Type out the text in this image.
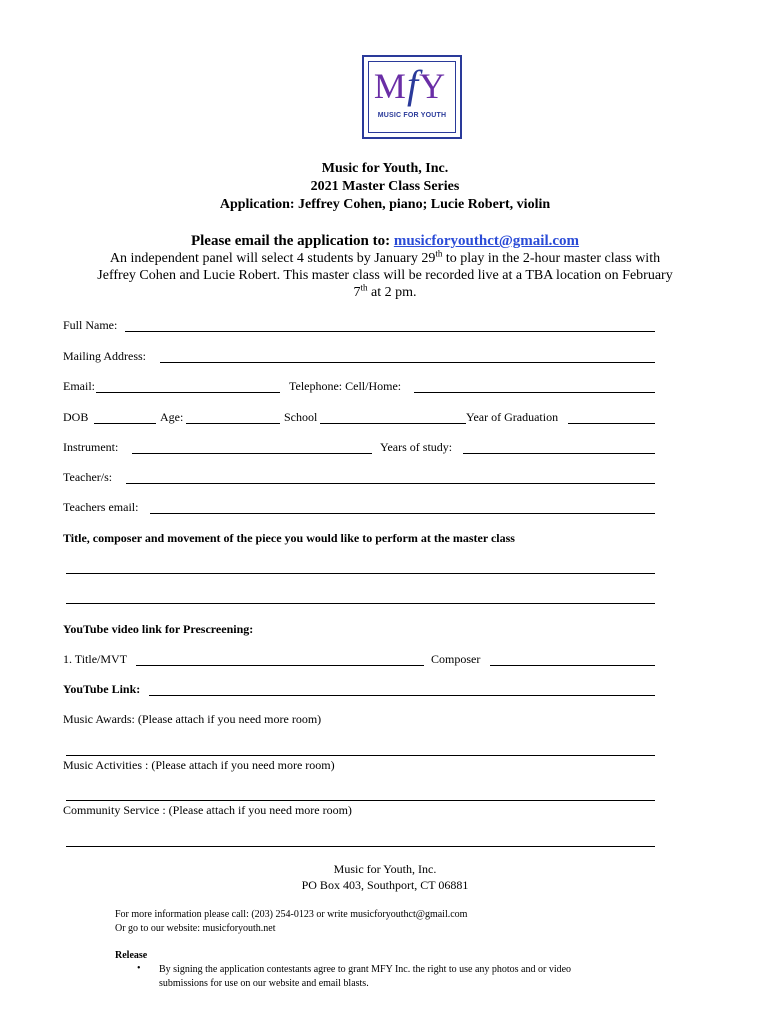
MfY
MUSIC FOR YOUTH
Music for Youth, Inc.
2021 Master Class Series
Application: Jeffrey Cohen, piano; Lucie Robert, violin
Please email the application to: musicforyouthct@gmail.com
An independent panel will select 4 students by January 29th to play in the 2-hour master class with
Jeffrey Cohen and Lucie Robert. This master class will be recorded live at a TBA location on February
7th at 2 pm.
Full Name:
Mailing Address:
Email:	Telephone: Cell/Home:
DOB	Age:	School	Year of Graduation
Instrument:	Years of study:
Teacher/s:
Teachers email:
Title, composer and movement of the piece you would like to perform at the master class
YouTube video link for Prescreening:
1. Title/MVT	Composer
YouTube Link:
Music Awards: (Please attach if you need more room)
Music Activities : (Please attach if you need more room)
Community Service : (Please attach if you need more room)
Music for Youth, Inc.
PO Box 403, Southport, CT 06881
For more information please call: (203) 254-0123 or write musicforyouthct@gmail.com
Or go to our website: musicforyouth.net
Release
• By signing the application contestants agree to grant MFY Inc. the right to use any photos and or video
submissions for use on our website and email blasts.
